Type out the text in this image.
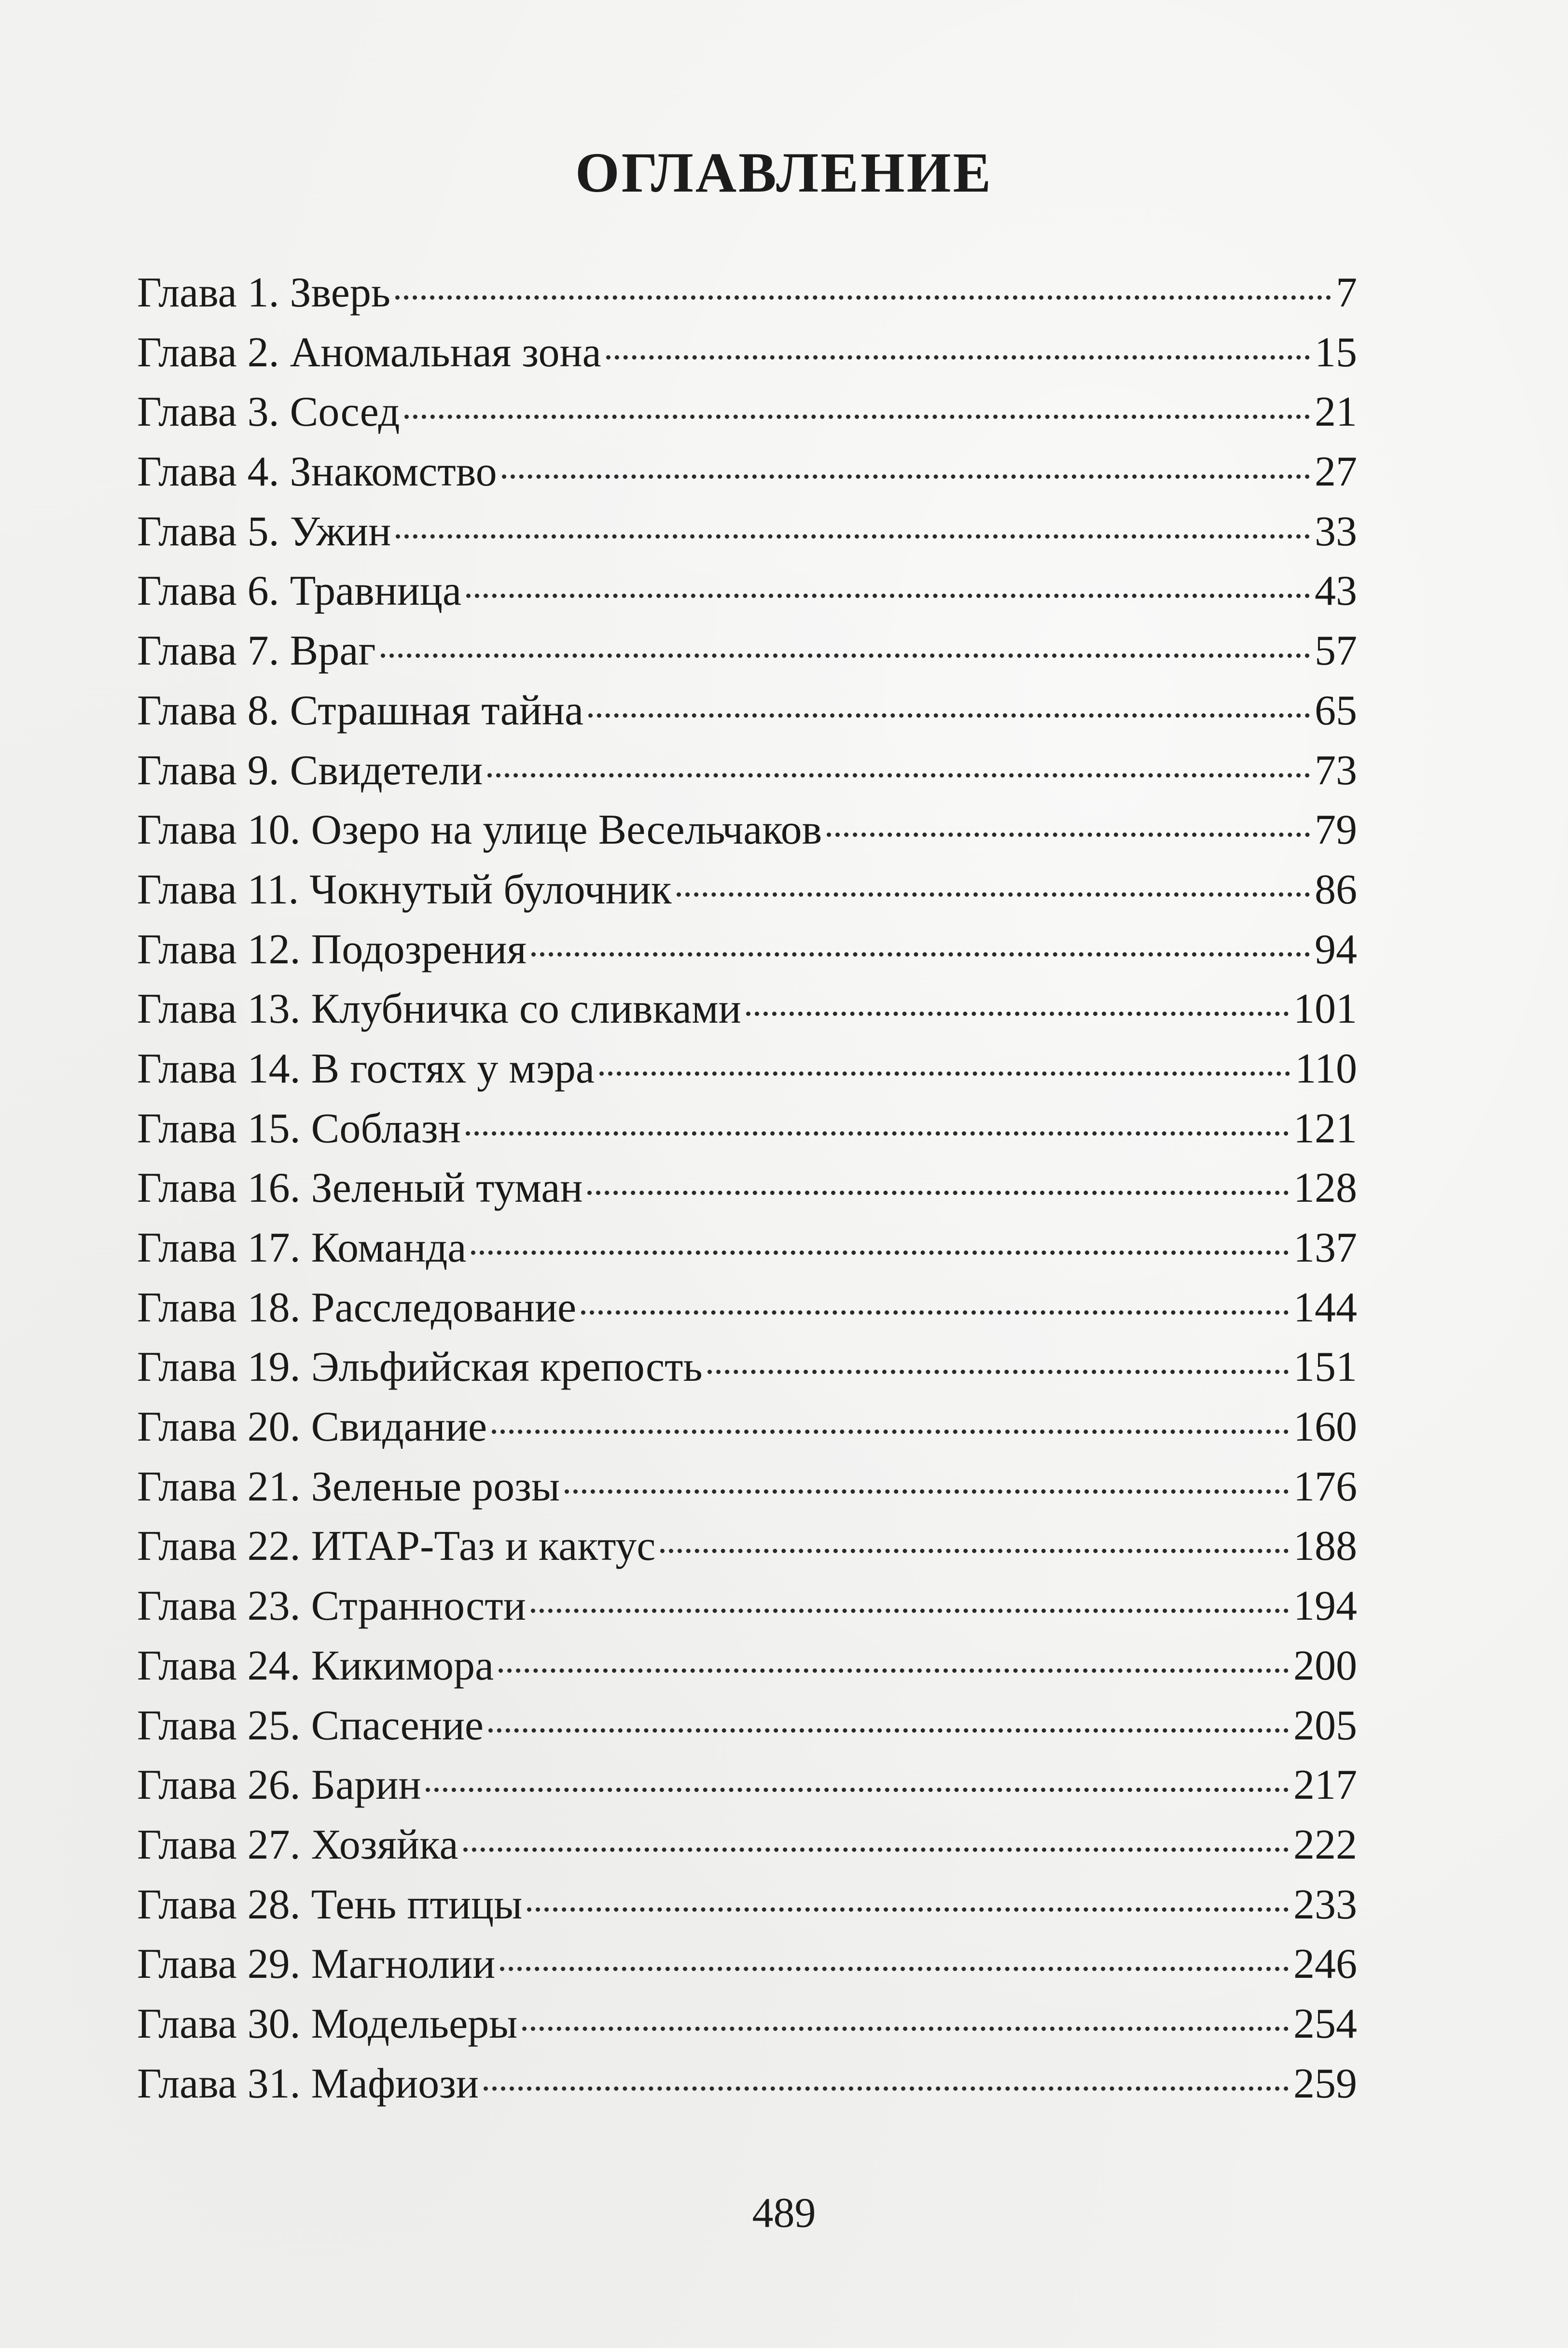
ОГЛАВЛЕНИЕ
Глава 1. Зверь	7
Глава 2. Аномальная зона	15
Глава 3. Сосед	21
Глава 4. Знакомство	27
Глава 5. Ужин	33
Глава 6. Травница	43
Глава 7. Враг	57
Глава 8. Страшная тайна	65
Глава 9. Свидетели	73
Глава 10. Озеро на улице Весельчаков	79
Глава 11. Чокнутый булочник	86
Глава 12. Подозрения	94
Глава 13. Клубничка со сливками	101
Глава 14. В гостях у мэра	110
Глава 15. Соблазн	121
Глава 16. Зеленый туман	128
Глава 17. Команда	137
Глава 18. Расследование	144
Глава 19. Эльфийская крепость	151
Глава 20. Свидание	160
Глава 21. Зеленые розы	176
Глава 22. ИТАР-Таз и кактус	188
Глава 23. Странности	194
Глава 24. Кикимора	200
Глава 25. Спасение	205
Глава 26. Барин	217
Глава 27. Хозяйка	222
Глава 28. Тень птицы	233
Глава 29. Магнолии	246
Глава 30. Модельеры	254
Глава 31. Мафиози	259
489
